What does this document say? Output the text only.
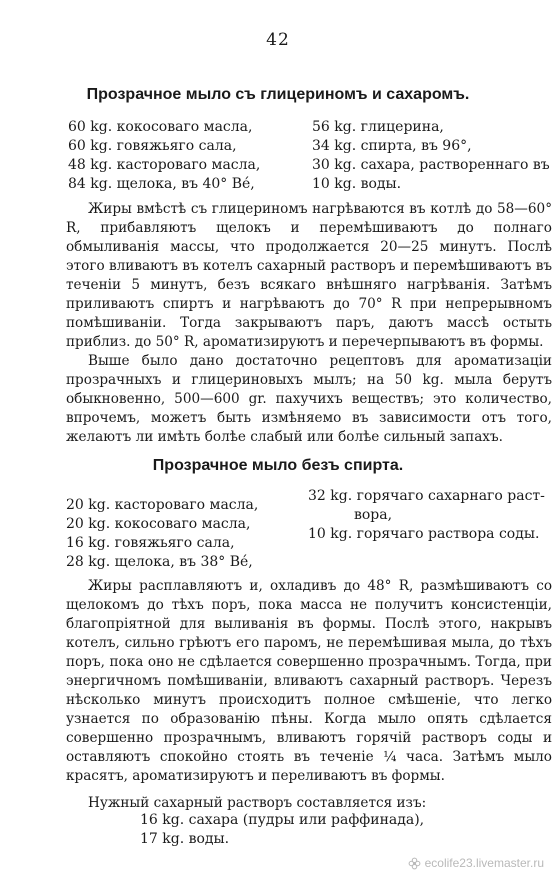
42
Прозрачное мыло съ глицериномъ и сахаромъ.
60 kg. кокосоваго масла,
60 kg. говяжьяго сала,
48 kg. кастороваго масла,
84 kg. щелока, въ 40° Bé,
56 kg. глицерина,
34 kg. спирта, въ 96°,
30 kg. сахара, раствореннаго въ
10 kg. воды.

Жиры вмѣстѣ съ глицериномъ нагрѣваются въ котлѣ до 58—60° R, прибавляютъ щелокъ и перемѣшиваютъ до полнаго обмыливанія массы, что продолжается 20—25 минутъ. Послѣ этого вливаютъ въ котелъ сахарный растворъ и перемѣшиваютъ въ теченіи 5 минутъ, безъ всякаго внѣшняго нагрѣванія. Затѣмъ приливаютъ спиртъ и нагрѣваютъ до 70° R при непрерывномъ помѣшиваніи. Тогда закрываютъ паръ, даютъ массѣ остыть приблиз. до 50° R, ароматизируютъ и перечерпываютъ въ формы.

Выше было дано достаточно рецептовъ для ароматизаціи прозрачныхъ и глицериновыхъ мылъ; на 50 kg. мыла берутъ обыкновенно, 500—600 gr. пахучихъ веществъ; это количество, впрочемъ, можетъ быть измѣняемо въ зависимости отъ того, желаютъ ли имѣть болѣе слабый или болѣе сильный запахъ.

Прозрачное мыло безъ спирта.
20 kg. кастороваго масла,
20 kg. кокосоваго масла,
16 kg. говяжьяго сала,
28 kg. щелока, въ 38° Bé,
32 kg. горячаго сахарнаго раст-
вора,
10 kg. горячаго раствора соды.

Жиры расплавляютъ и, охладивъ до 48° R, размѣшиваютъ со щелокомъ до тѣхъ поръ, пока масса не получитъ консистенціи, благопріятной для выливанія въ формы. Послѣ этого, накрывъ котелъ, сильно грѣютъ его паромъ, не перемѣшивая мыла, до тѣхъ поръ, пока оно не сдѣлается совершенно прозрачнымъ. Тогда, при энергичномъ помѣшиваніи, вливаютъ сахарный растворъ. Черезъ нѣсколько минутъ происходитъ полное смѣшеніе, что легко узнается по образованію пѣны. Когда мыло опять сдѣлается совершенно прозрачнымъ, вливаютъ горячій растворъ соды и оставляютъ спокойно стоять въ теченіе ¼ часа. Затѣмъ мыло красятъ, ароматизируютъ и переливаютъ въ формы.

Нужный сахарный растворъ составляется изъ:

16 kg. сахара (пудры или раффинада),
17 kg. воды.
ecolife23.livemaster.ru
